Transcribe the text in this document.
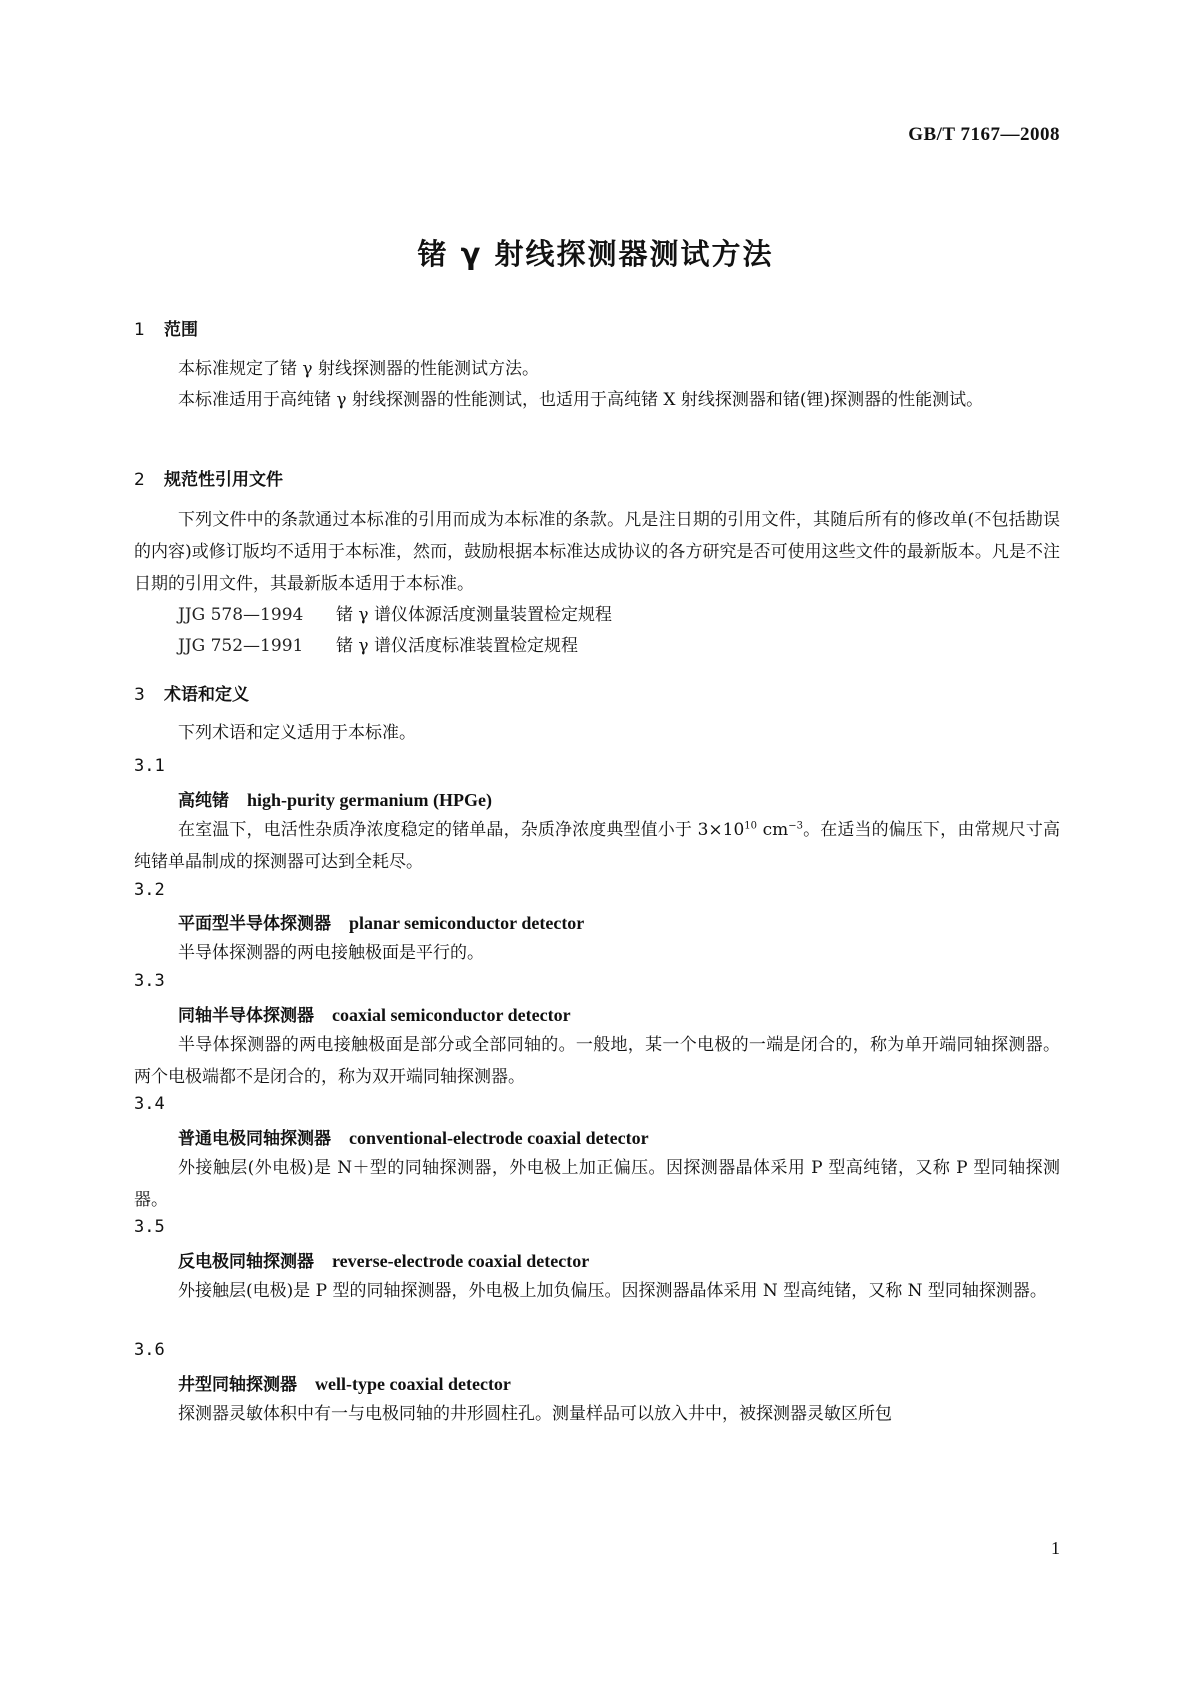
GB/T 7167—2008
锗 γ 射线探测器测试方法
1 范围

本标准规定了锗 γ 射线探测器的性能测试方法。

本标准适用于高纯锗 γ 射线探测器的性能测试，也适用于高纯锗 X 射线探测器和锗(锂)探测器的性能测试。

2 规范性引用文件

下列文件中的条款通过本标准的引用而成为本标准的条款。凡是注日期的引用文件，其随后所有的修改单(不包括勘误的内容)或修订版均不适用于本标准，然而，鼓励根据本标准达成协议的各方研究是否可使用这些文件的最新版本。凡是不注日期的引用文件，其最新版本适用于本标准。

JJG 578—1994 锗 γ 谱仪体源活度测量装置检定规程

JJG 752—1991 锗 γ 谱仪活度标准装置检定规程

3 术语和定义

下列术语和定义适用于本标准。

3.1

高纯锗 high-purity germanium (HPGe)

在室温下，电活性杂质净浓度稳定的锗单晶，杂质净浓度典型值小于 $3\times 10^{10}$ $cm^{-3}$。在适当的偏压下，由常规尺寸高纯锗单晶制成的探测器可达到全耗尽。

3.2

平面型半导体探测器 planar semiconductor detector

半导体探测器的两电接触极面是平行的。

3.3

同轴半导体探测器 coaxial semiconductor detector

半导体探测器的两电接触极面是部分或全部同轴的。一般地，某一个电极的一端是闭合的，称为单开端同轴探测器。两个电极端都不是闭合的，称为双开端同轴探测器。

3.4

普通电极同轴探测器 conventional-electrode coaxial detector

外接触层(外电极)是 N＋型的同轴探测器，外电极上加正偏压。因探测器晶体采用 P 型高纯锗，又称 P 型同轴探测器。

3.5

反电极同轴探测器 reverse-electrode coaxial detector

外接触层(电极)是 P 型的同轴探测器，外电极上加负偏压。因探测器晶体采用 N 型高纯锗，又称 N 型同轴探测器。

3.6

井型同轴探测器 well-type coaxial detector

探测器灵敏体积中有一与电极同轴的井形圆柱孔。测量样品可以放入井中，被探测器灵敏区所包

1
